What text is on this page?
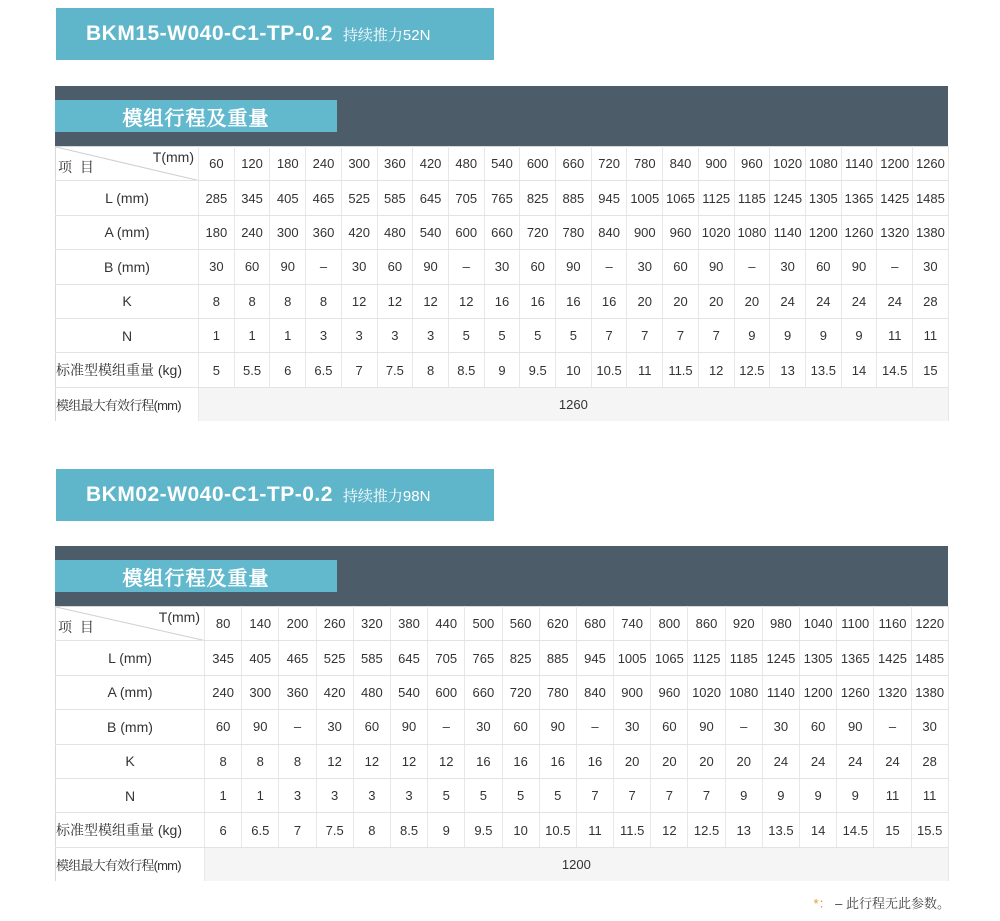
BKM15-W040-C1-TP-0.2 持续推力52N
模组行程及重量
T(mm)
项 目	60	120	180	240	300	360	420	480	540	600	660	720	780	840	900	960	1020	1080	1140	1200	1260
L (mm)	285	345	405	465	525	585	645	705	765	825	885	945	1005	1065	1125	1185	1245	1305	1365	1425	1485
A (mm)	180	240	300	360	420	480	540	600	660	720	780	840	900	960	1020	1080	1140	1200	1260	1320	1380
B (mm)	30	60	90	–	30	60	90	–	30	60	90	–	30	60	90	–	30	60	90	–	30
K	8	8	8	8	12	12	12	12	16	16	16	16	20	20	20	20	24	24	24	24	28
N	1	1	1	3	3	3	3	5	5	5	5	7	7	7	7	9	9	9	9	11	11
标准型模组重量 (kg)	5	5.5	6	6.5	7	7.5	8	8.5	9	9.5	10	10.5	11	11.5	12	12.5	13	13.5	14	14.5	15
模组最大有效行程(mm)	1260																				
BKM02-W040-C1-TP-0.2 持续推力98N
模组行程及重量
T(mm)
项 目	80	140	200	260	320	380	440	500	560	620	680	740	800	860	920	980	1040	1100	1160	1220
L (mm)	345	405	465	525	585	645	705	765	825	885	945	1005	1065	1125	1185	1245	1305	1365	1425	1485
A (mm)	240	300	360	420	480	540	600	660	720	780	840	900	960	1020	1080	1140	1200	1260	1320	1380
B (mm)	60	90	–	30	60	90	–	30	60	90	–	30	60	90	–	30	60	90	–	30
K	8	8	8	12	12	12	12	16	16	16	16	20	20	20	20	24	24	24	24	28
N	1	1	3	3	3	3	5	5	5	5	7	7	7	7	9	9	9	9	11	11
标准型模组重量 (kg)	6	6.5	7	7.5	8	8.5	9	9.5	10	10.5	11	11.5	12	12.5	13	13.5	14	14.5	15	15.5
模组最大有效行程(mm)	1200																			
*： – 此行程无此参数。
